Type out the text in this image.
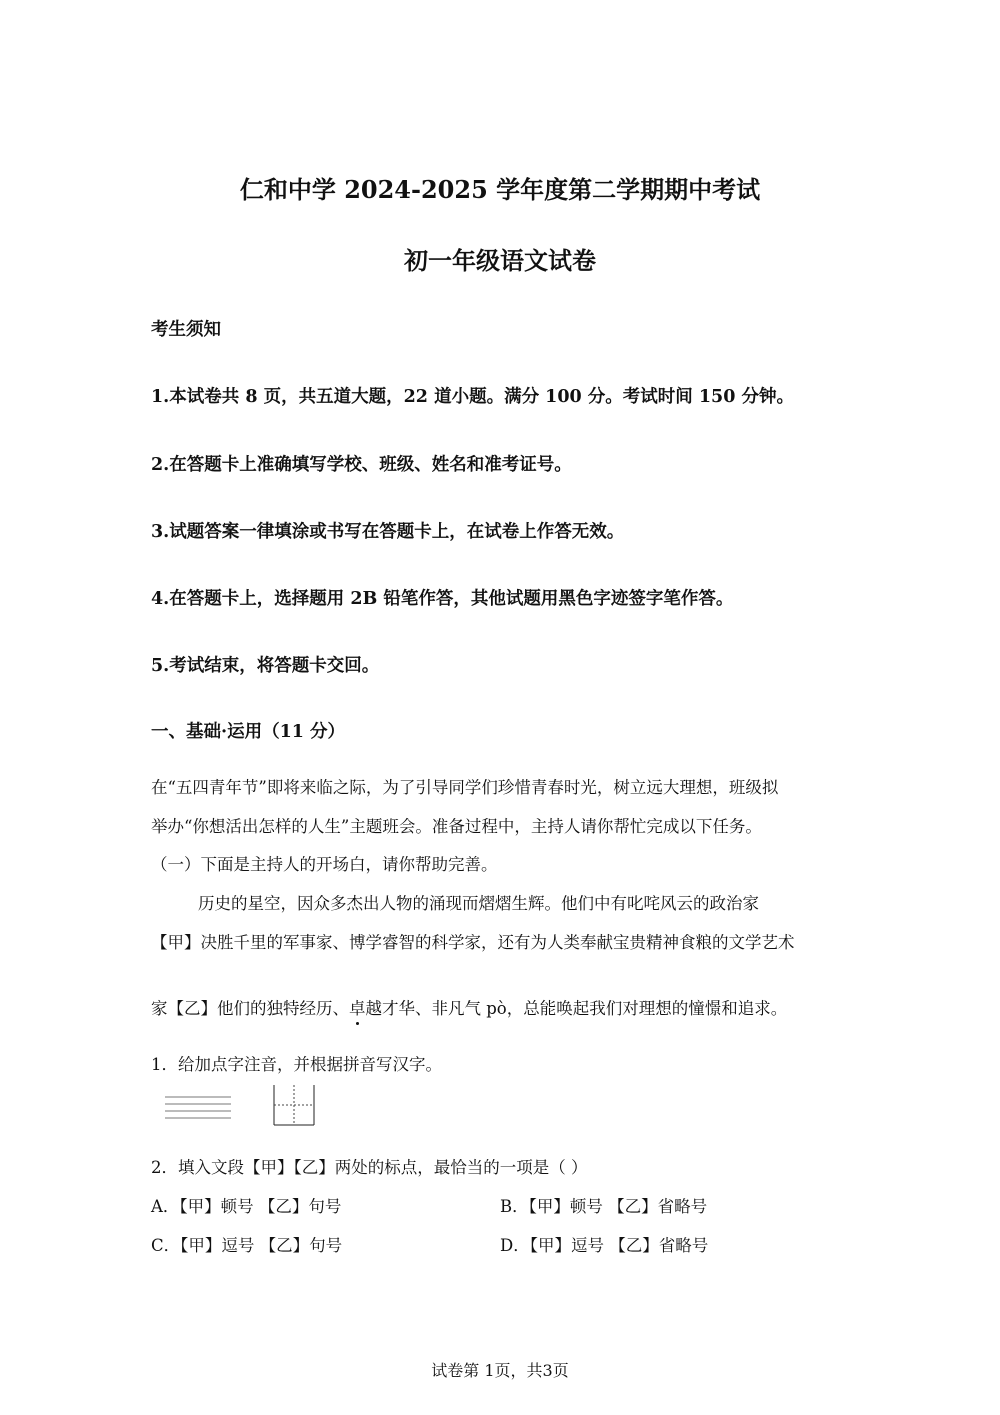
仁和中学 2024-2025 学年度第二学期期中考试
初一年级语文试卷
考生须知
1.本试卷共 8 页，共五道大题，22 道小题。满分 100 分。考试时间 150 分钟。
2.在答题卡上准确填写学校、班级、姓名和准考证号。
3.试题答案一律填涂或书写在答题卡上，在试卷上作答无效。
4.在答题卡上，选择题用 2B 铅笔作答，其他试题用黑色字迹签字笔作答。
5.考试结束，将答题卡交回。
一、基础·运用（11 分）
在“五四青年节”即将来临之际，为了引导同学们珍惜青春时光，树立远大理想，班级拟
举办“你想活出怎样的人生”主题班会。准备过程中，主持人请你帮忙完成以下任务。
（一）下面是主持人的开场白，请你帮助完善。
历史的星空，因众多杰出人物的涌现而熠熠生辉。他们中有叱咤风云的政治家
【甲】决胜千里的军事家、博学睿智的科学家，还有为人类奉献宝贵精神食粮的文学艺术
家【乙】他们的独特经历、卓越才华、非凡气 pò，总能唤起我们对理想的憧憬和追求。
1．给加点字注音，并根据拼音写汉字。
2．填入文段【甲】【乙】两处的标点，最恰当的一项是（ ）
A．【甲】顿号 【乙】句号	B．【甲】顿号 【乙】省略号
C．【甲】逗号 【乙】句号	D．【甲】逗号 【乙】省略号
试卷第 1页，共3页
